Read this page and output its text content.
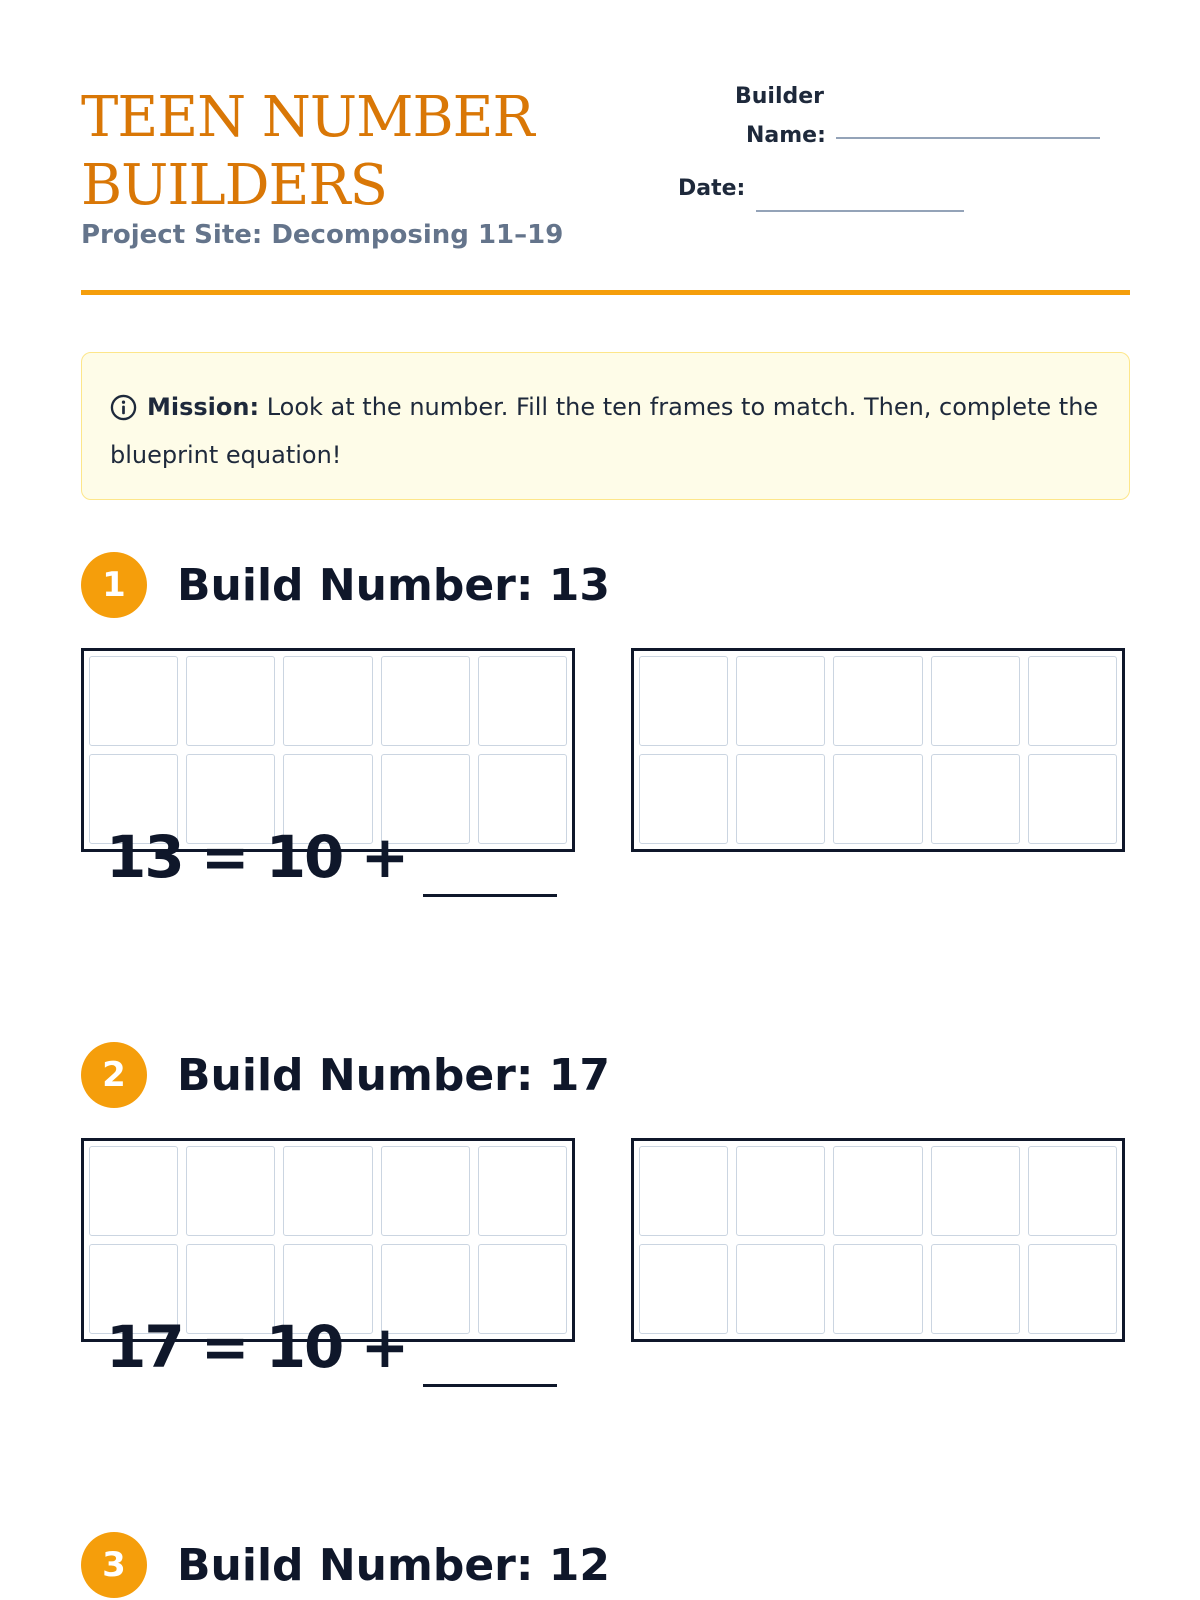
TEEN NUMBER
BUILDERS
Project Site: Decomposing 11–19
Builder
Name:
Date:
Mission: Look at the number. Fill the ten frames to match. Then, complete the blueprint equation!
1	Build Number: 13
13 = 10 +
2	Build Number: 17
17 = 10 +
3	Build Number: 12
